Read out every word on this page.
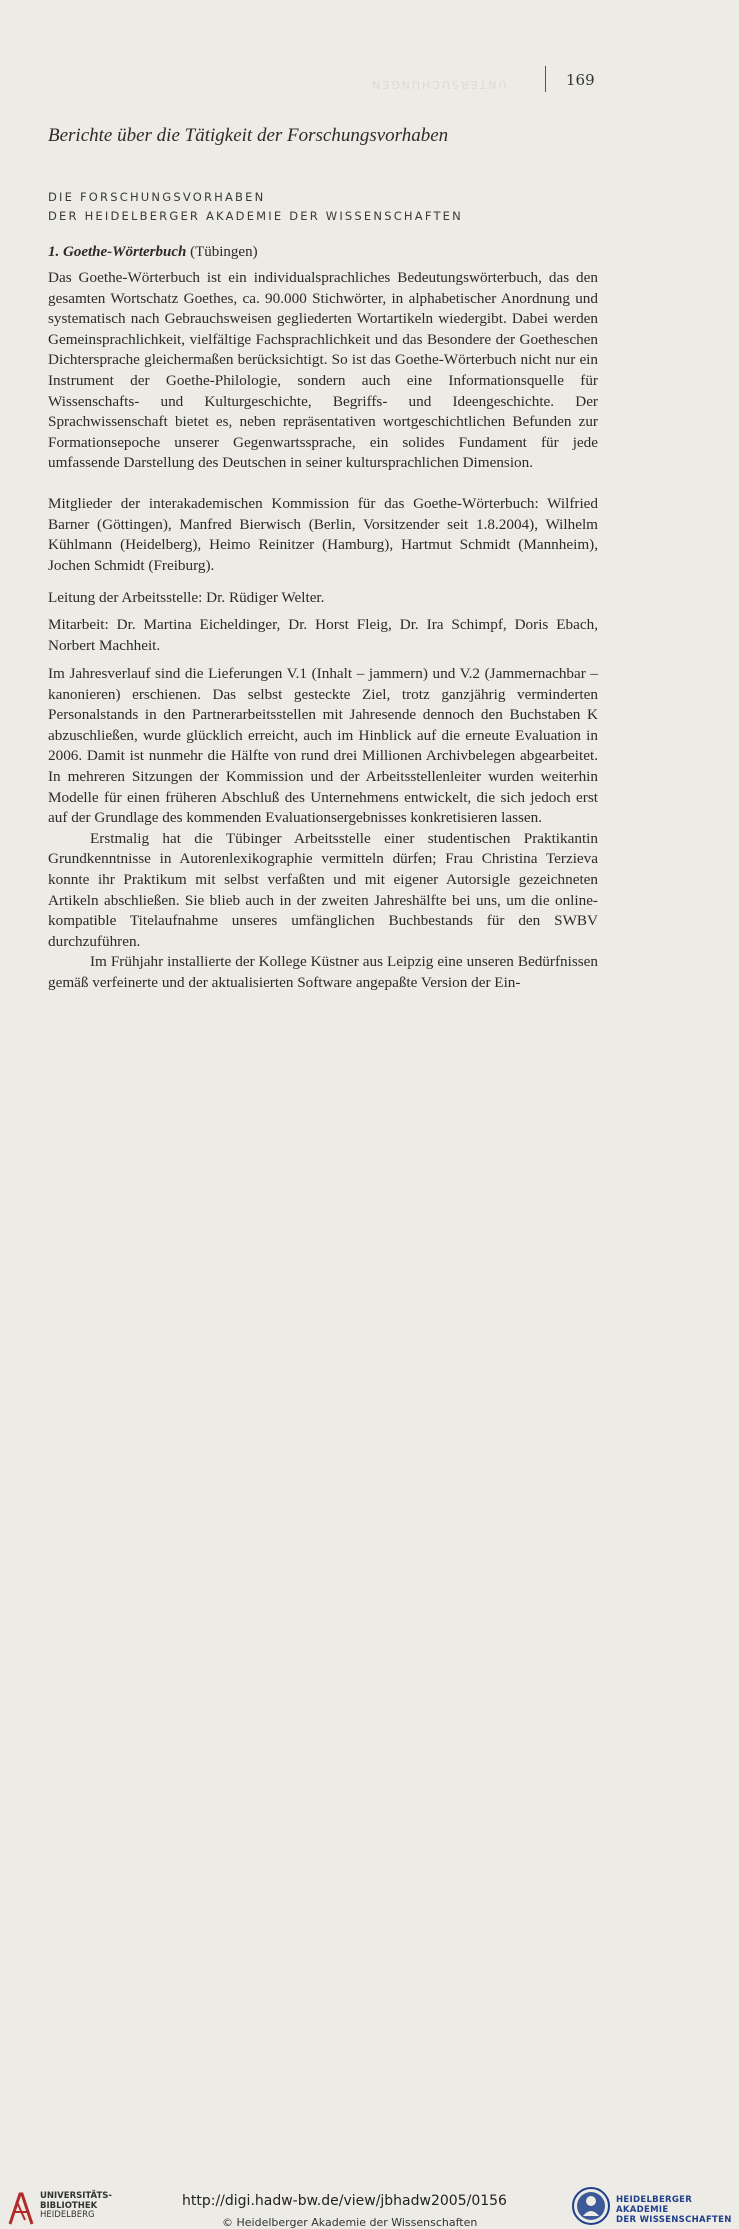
UNTERSUCHUNGEN	169
Berichte über die Tätigkeit der Forschungsvorhaben
DIE FORSCHUNGSVORHABEN
DER HEIDELBERGER AKADEMIE DER WISSENSCHAFTEN
1. Goethe-Wörterbuch (Tübingen)

Das Goethe-Wörterbuch ist ein individualsprachliches Bedeutungswörterbuch, das den gesamten Wortschatz Goethes, ca. 90.000 Stichwörter, in alphabetischer Anordnung und systematisch nach Gebrauchsweisen gegliederten Wortartikeln wiedergibt. Dabei werden Gemeinsprachlichkeit, vielfältige Fachsprachlichkeit und das Besondere der Goetheschen Dichtersprache gleichermaßen berücksichtigt. So ist das Goethe-Wörterbuch nicht nur ein Instrument der Goethe-Philologie, sondern auch eine Informationsquelle für Wissenschafts- und Kulturgeschichte, Begriffs- und Ideengeschichte. Der Sprachwissenschaft bietet es, neben repräsentativen wortgeschichtlichen Befunden zur Formationsepoche unserer Gegenwartssprache, ein solides Fundament für jede umfassende Darstellung des Deutschen in seiner kultursprachlichen Dimension.

Mitglieder der interakademischen Kommission für das Goethe-Wörterbuch: Wilfried Barner (Göttingen), Manfred Bierwisch (Berlin, Vorsitzender seit 1.8.2004), Wilhelm Kühlmann (Heidelberg), Heimo Reinitzer (Hamburg), Hartmut Schmidt (Mannheim), Jochen Schmidt (Freiburg).

Leitung der Arbeitsstelle: Dr. Rüdiger Welter.

Mitarbeit: Dr. Martina Eicheldinger, Dr. Horst Fleig, Dr. Ira Schimpf, Doris Ebach, Norbert Machheit.

Im Jahresverlauf sind die Lieferungen V.1 (Inhalt – jammern) und V.2 (Jammernachbar – kanonieren) erschienen. Das selbst gesteckte Ziel, trotz ganzjährig verminderten Personalstands in den Partnerarbeitsstellen mit Jahresende dennoch den Buchstaben K abzuschließen, wurde glücklich erreicht, auch im Hinblick auf die erneute Evaluation in 2006. Damit ist nunmehr die Hälfte von rund drei Millionen Archivbelegen abgearbeitet. In mehreren Sitzungen der Kommission und der Arbeitsstellenleiter wurden weiterhin Modelle für einen früheren Abschluß des Unternehmens entwickelt, die sich jedoch erst auf der Grundlage des kommenden Evaluationsergebnisses konkretisieren lassen.

Erstmalig hat die Tübinger Arbeitsstelle einer studentischen Praktikantin Grundkenntnisse in Autorenlexikographie vermitteln dürfen; Frau Christina Terzieva konnte ihr Praktikum mit selbst verfaßten und mit eigener Autorsigle gezeichneten Artikeln abschließen. Sie blieb auch in der zweiten Jahreshälfte bei uns, um die online-kompatible Titelaufnahme unseres umfänglichen Buchbestands für den SWBV durchzuführen.

Im Frühjahr installierte der Kollege Küstner aus Leipzig eine unseren Bedürfnissen gemäß verfeinerte und der aktualisierten Software angepaßte Version der Ein-

UNIVERSITÄTS-
BIBLIOTHEK
HEIDELBERG
http://digi.hadw-bw.de/view/jbhadw2005/0156
© Heidelberger Akademie der Wissenschaften
HEIDELBERGER AKADEMIE
DER WISSENSCHAFTEN
